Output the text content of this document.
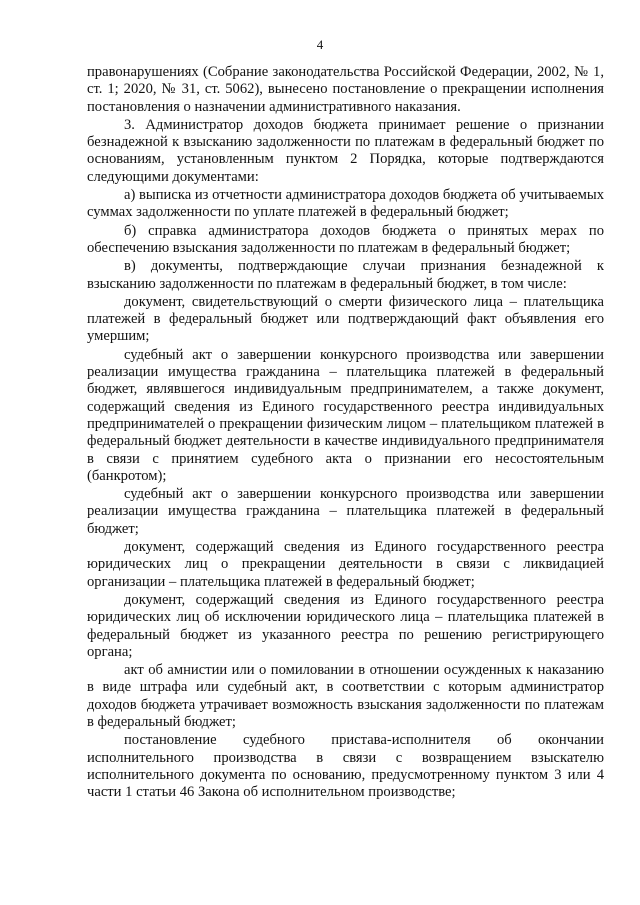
4

правонарушениях (Собрание законодательства Российской Федерации, 2002, № 1, ст. 1; 2020, № 31, ст. 5062), вынесено постановление о прекращении исполнения постановления о назначении административного наказания.

3. Администратор доходов бюджета принимает решение о признании безнадежной к взысканию задолженности по платежам в федеральный бюджет по основаниям, установленным пунктом 2 Порядка, которые подтверждаются следующими документами:

а) выписка из отчетности администратора доходов бюджета об учитываемых суммах задолженности по уплате платежей в федеральный бюджет;

б) справка администратора доходов бюджета о принятых мерах по обеспечению взыскания задолженности по платежам в федеральный бюджет;

в) документы, подтверждающие случаи признания безнадежной к взысканию задолженности по платежам в федеральный бюджет, в том числе:

документ, свидетельствующий о смерти физического лица – плательщика платежей в федеральный бюджет или подтверждающий факт объявления его умершим;

судебный акт о завершении конкурсного производства или завершении реализации имущества гражданина – плательщика платежей в федеральный бюджет, являвшегося индивидуальным предпринимателем, а также документ, содержащий сведения из Единого государственного реестра индивидуальных предпринимателей о прекращении физическим лицом – плательщиком платежей в федеральный бюджет деятельности в качестве индивидуального предпринимателя в связи с принятием судебного акта о признании его несостоятельным (банкротом);

судебный акт о завершении конкурсного производства или завершении реализации имущества гражданина – плательщика платежей в федеральный бюджет;

документ, содержащий сведения из Единого государственного реестра юридических лиц о прекращении деятельности в связи с ликвидацией организации – плательщика платежей в федеральный бюджет;

документ, содержащий сведения из Единого государственного реестра юридических лиц об исключении юридического лица – плательщика платежей в федеральный бюджет из указанного реестра по решению регистрирующего органа;

акт об амнистии или о помиловании в отношении осужденных к наказанию в виде штрафа или судебный акт, в соответствии с которым администратор доходов бюджета утрачивает возможность взыскания задолженности по платежам в федеральный бюджет;

постановление судебного пристава-исполнителя об окончании исполнительного производства в связи с возвращением взыскателю исполнительного документа по основанию, предусмотренному пунктом 3 или 4 части 1 статьи 46 Закона об исполнительном производстве;
